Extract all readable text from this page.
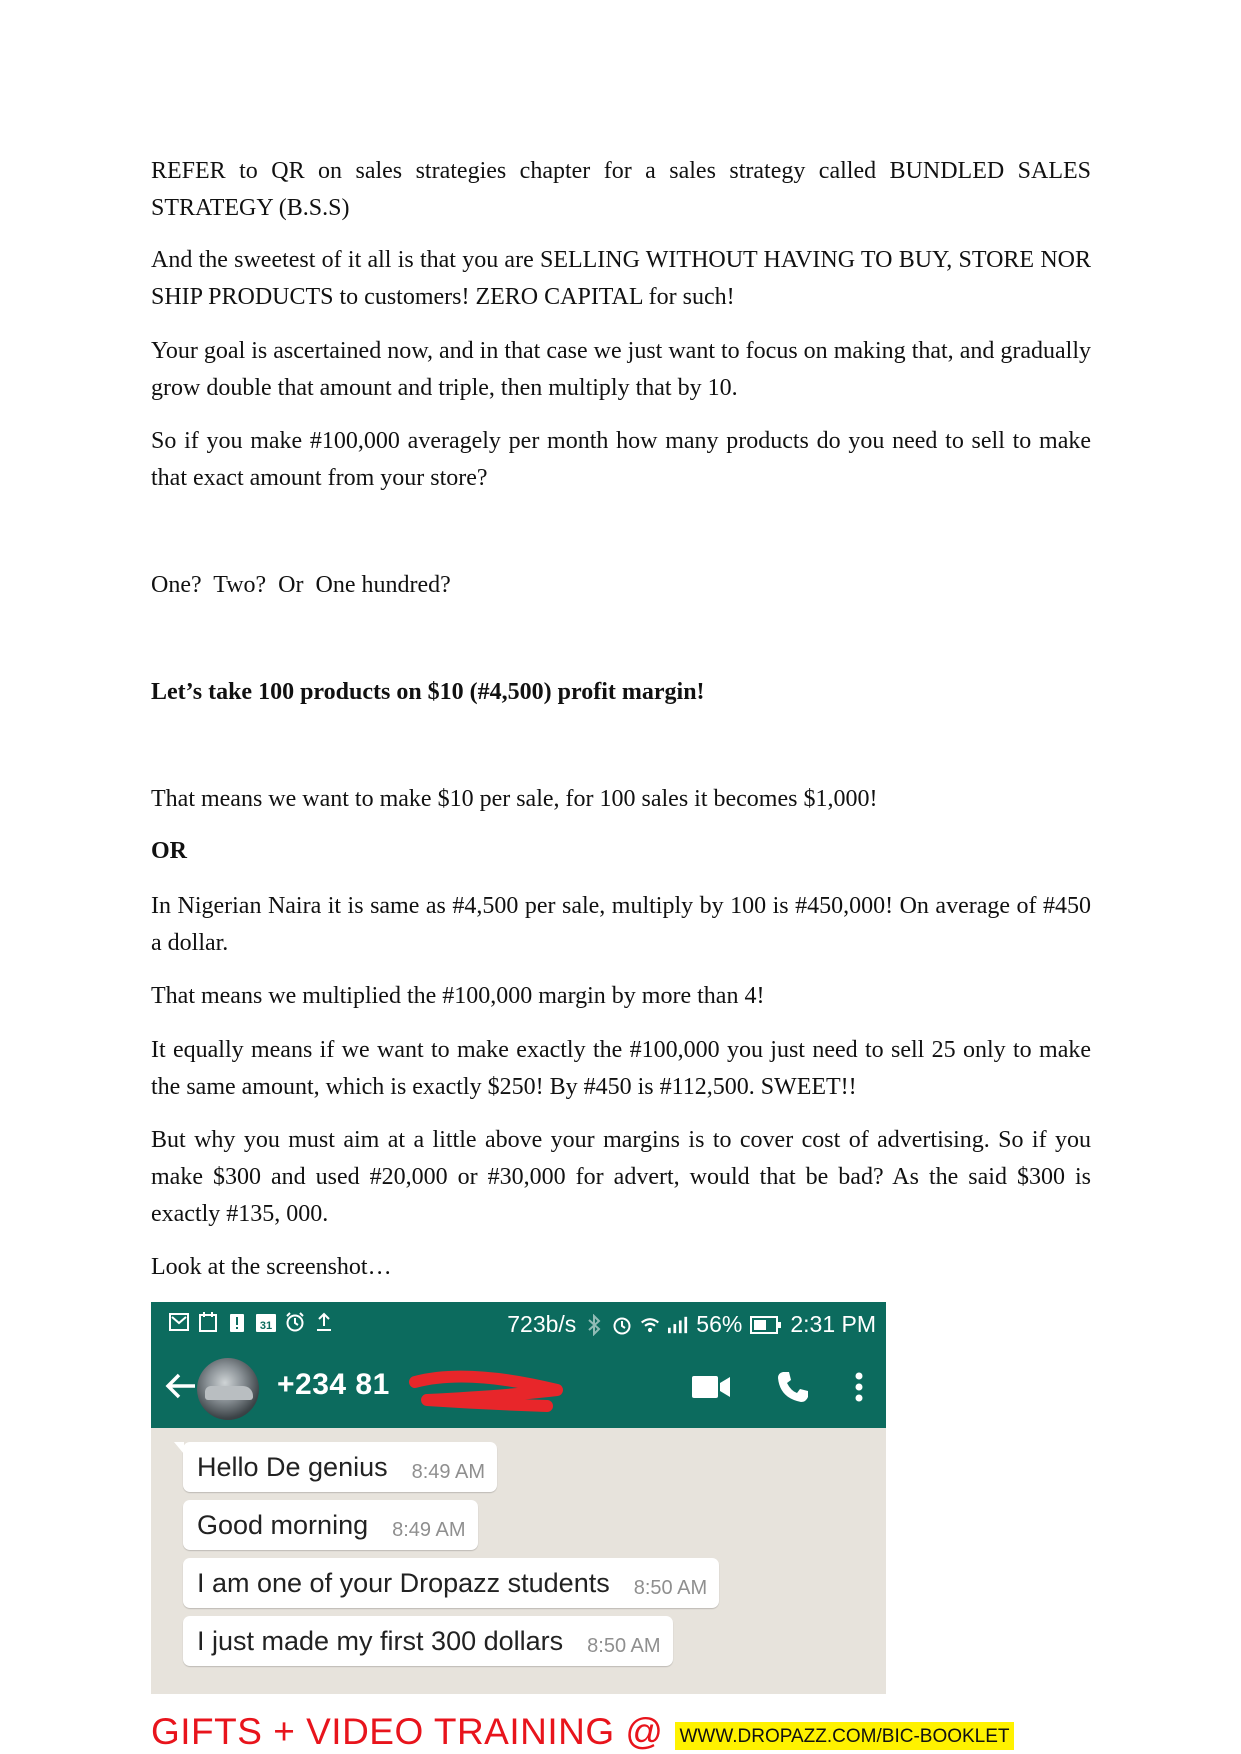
REFER to QR on sales strategies chapter for a sales strategy called BUNDLED SALES STRATEGY (B.S.S)

And the sweetest of it all is that you are SELLING WITHOUT HAVING TO BUY, STORE NOR SHIP PRODUCTS to customers! ZERO CAPITAL for such!

Your goal is ascertained now, and in that case we just want to focus on making that, and gradually grow double that amount and triple, then multiply that by 10.

So if you make #100,000 averagely per month how many products do you need to sell to make that exact amount from your store?

One?  Two?  Or  One hundred?

Let’s take 100 products on $10 (#4,500) profit margin!

That means we want to make $10 per sale, for 100 sales it becomes $1,000!

OR

In Nigerian Naira it is same as #4,500 per sale, multiply by 100 is #450,000! On average of #450 a dollar.

That means we multiplied the #100,000 margin by more than 4!

It equally means if we want to make exactly the #100,000 you just need to sell 25 only to make the same amount, which is exactly $250! By #450 is #112,500. SWEET!!

But why you must aim at a little above your margins is to cover cost of advertising. So if you make $300 and used #20,000 or #30,000 for advert, would that be bad? As the said $300 is exactly #135, 000.

Look at the screenshot…

31	723b/s	56% 2:31 PM
+234 81
Hello De genius 8:49 AM
Good morning 8:49 AM
I am one of your Dropazz students 8:50 AM
I just made my first 300 dollars 8:50 AM
GIFTS + VIDEO TRAINING @ WWW.DROPAZZ.COM/BIC-BOOKLET
